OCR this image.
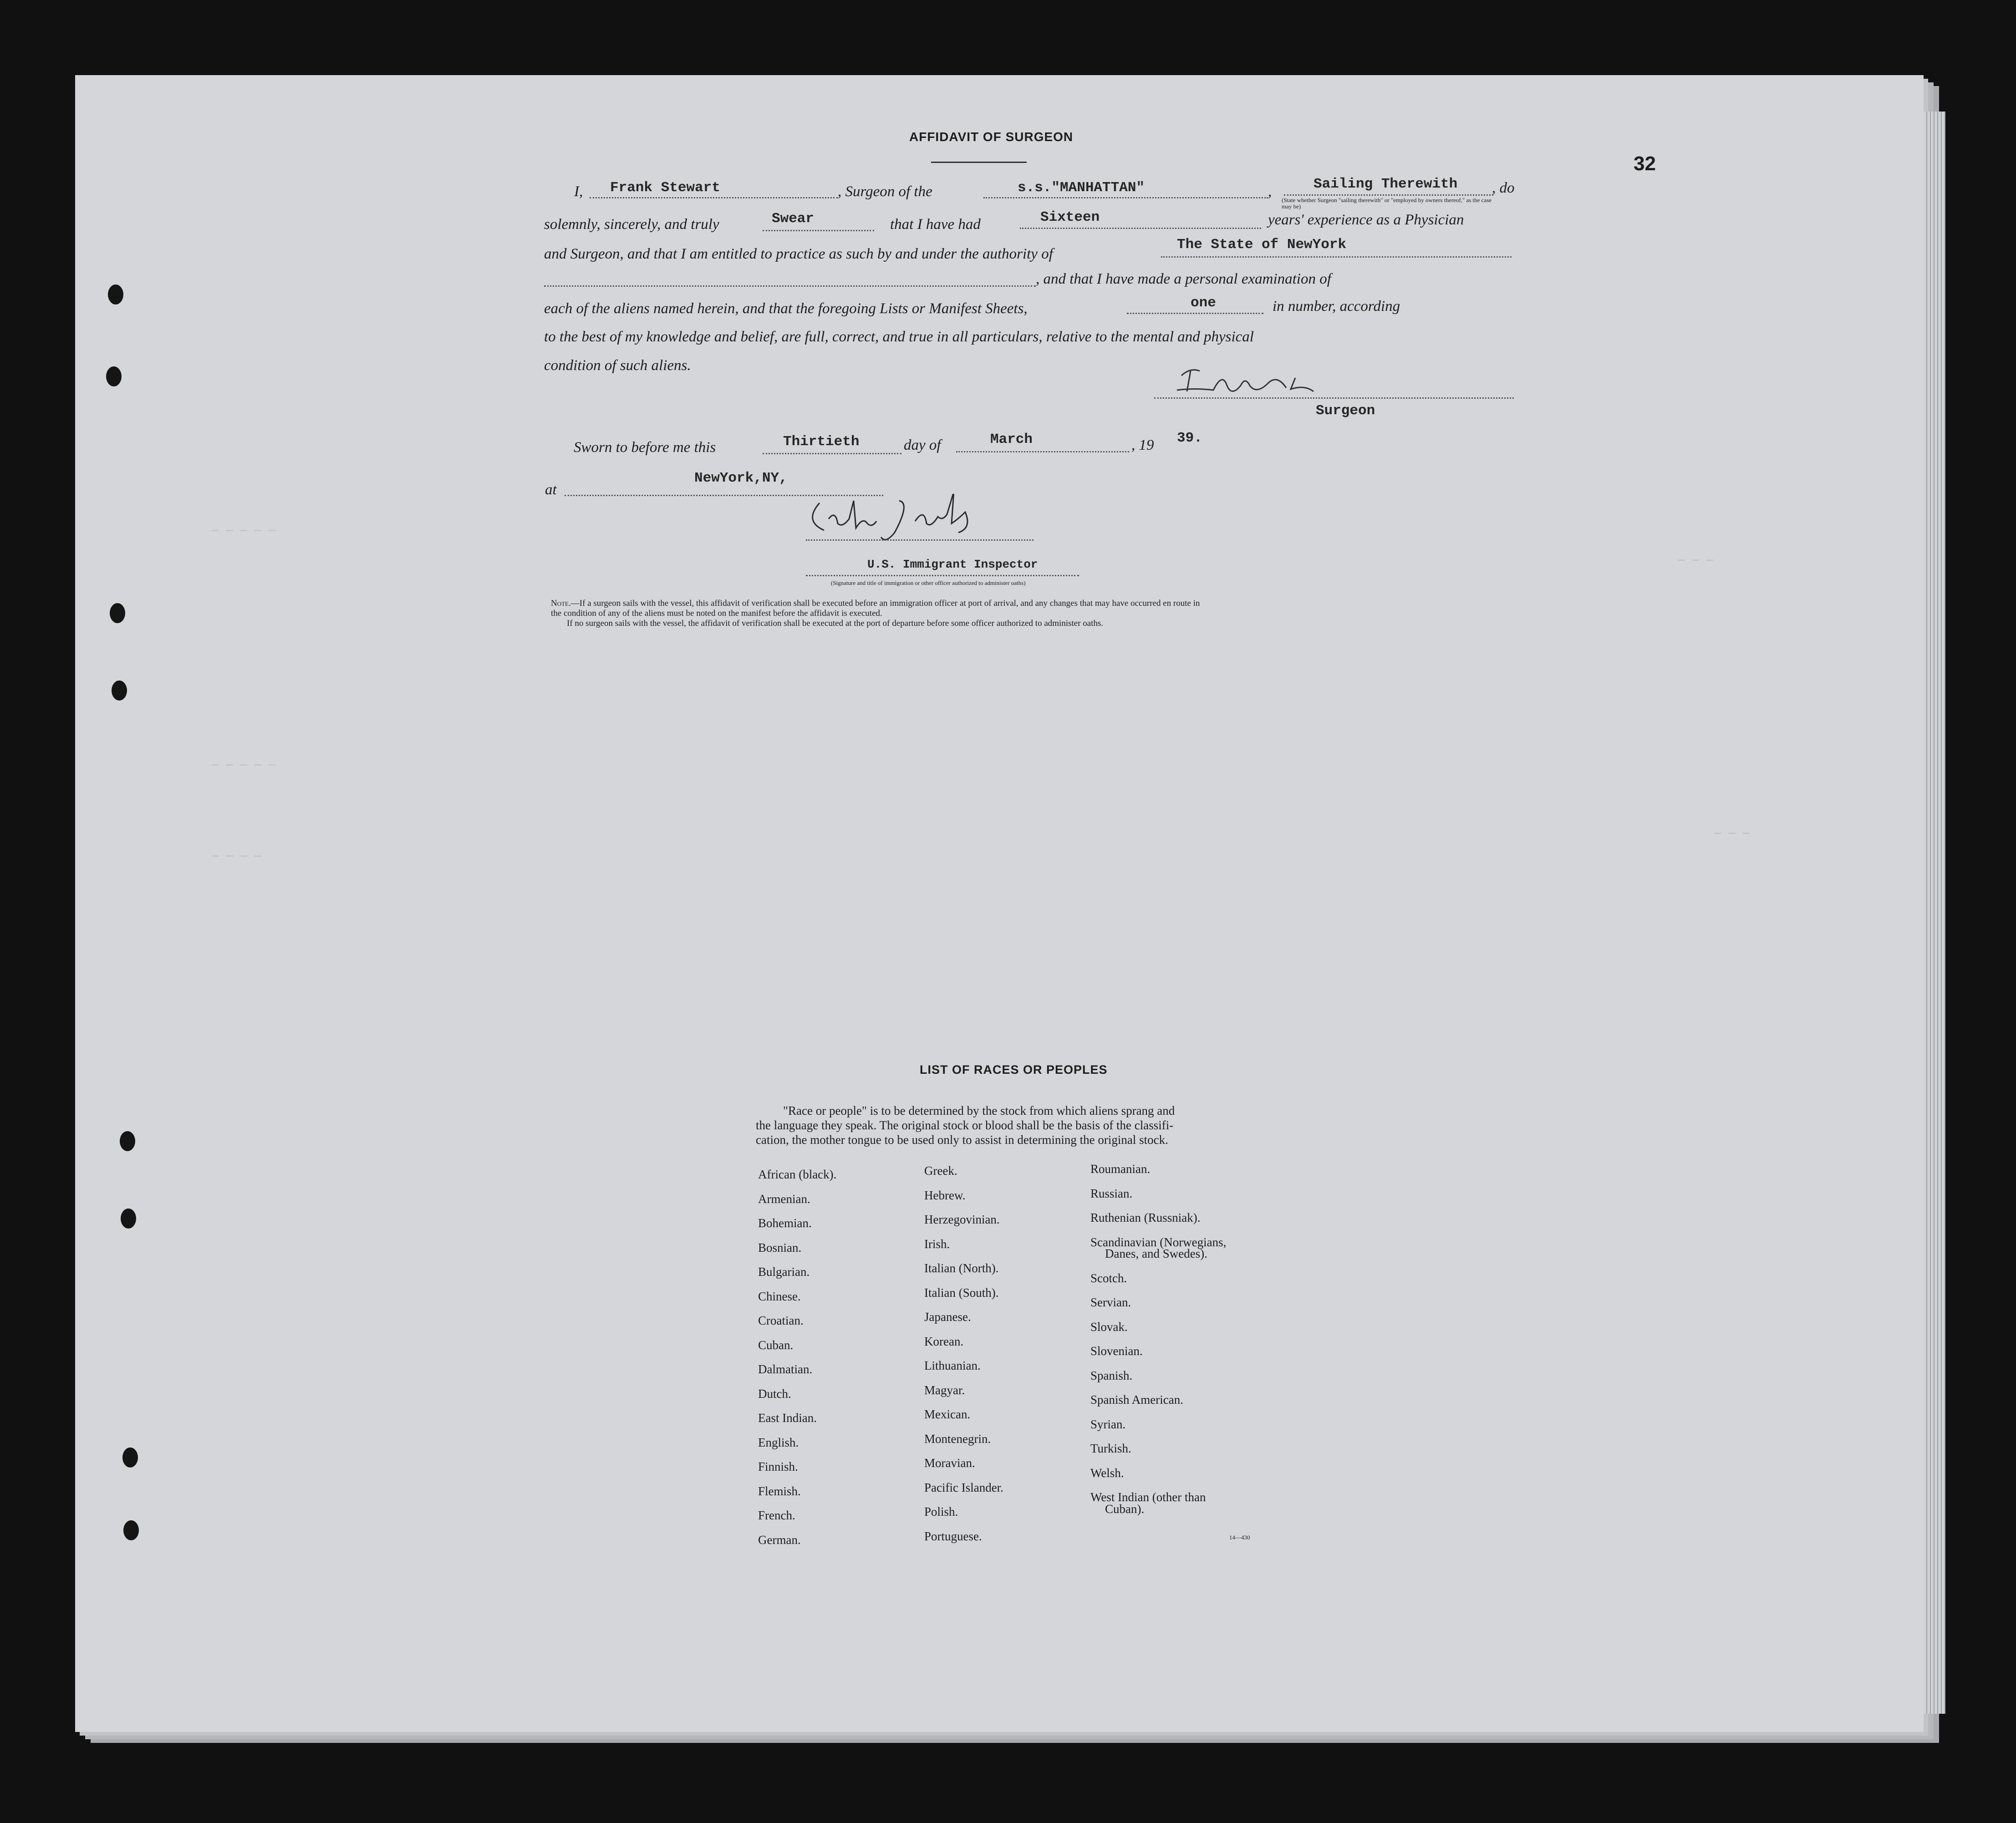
— — — — —
— — —
— — — — —
— — — —
— — —
32
AFFIDAVIT OF SURGEON
I, Frank Stewart	, Surgeon of the	s.s."MANHATTAN"	,	Sailing Therewith , do
(State whether Surgeon "sailing therewith" or "employed by owners thereof," as the case may be)
solemnly, sincerely, and truly	Swear	that I have had	Sixteen	years' experience as a Physician
and Surgeon, and that I am entitled to practice as such by and under the authority of
The State of NewYork
, and that I have made a personal examination of
each of the aliens named herein, and that the foregoing Lists or Manifest Sheets,	one	in number, according
to the best of my knowledge and belief, are full, correct, and true in all particulars, relative to the mental and physical
condition of such aliens.
Surgeon
Sworn to before me this	Thirtieth	day of	March	, 19 39.
at
NewYork,NY,
U.S. Immigrant Inspector
(Signature and title of immigration or other officer authorized to administer oaths)
Note.—If a surgeon sails with the vessel, this affidavit of verification shall be executed before an immigration officer at port of arrival, and any changes that may have occurred en route in
the condition of any of the aliens must be noted on the manifest before the affidavit is executed.
If no surgeon sails with the vessel, the affidavit of verification shall be executed at the port of departure before some officer authorized to administer oaths.
LIST OF RACES OR PEOPLES
"Race or people" is to be determined by the stock from which aliens sprang and
the language they speak. The original stock or blood shall be the basis of the classifi-
cation, the mother tongue to be used only to assist in determining the original stock.
African (black).
Armenian.
Bohemian.
Bosnian.
Bulgarian.
Chinese.
Croatian.
Cuban.
Dalmatian.
Dutch.
East Indian.
English.
Finnish.
Flemish.
French.
German.
Greek.
Hebrew.
Herzegovinian.
Irish.
Italian (North).
Italian (South).
Japanese.
Korean.
Lithuanian.
Magyar.
Mexican.
Montenegrin.
Moravian.
Pacific Islander.
Polish.
Portuguese.
Roumanian.
Russian.
Ruthenian (Russniak).
Scandinavian (Norwegians,
Danes, and Swedes).
Scotch.
Servian.
Slovak.
Slovenian.
Spanish.
Spanish American.
Syrian.
Turkish.
Welsh.
West Indian (other than
Cuban).
14—430
